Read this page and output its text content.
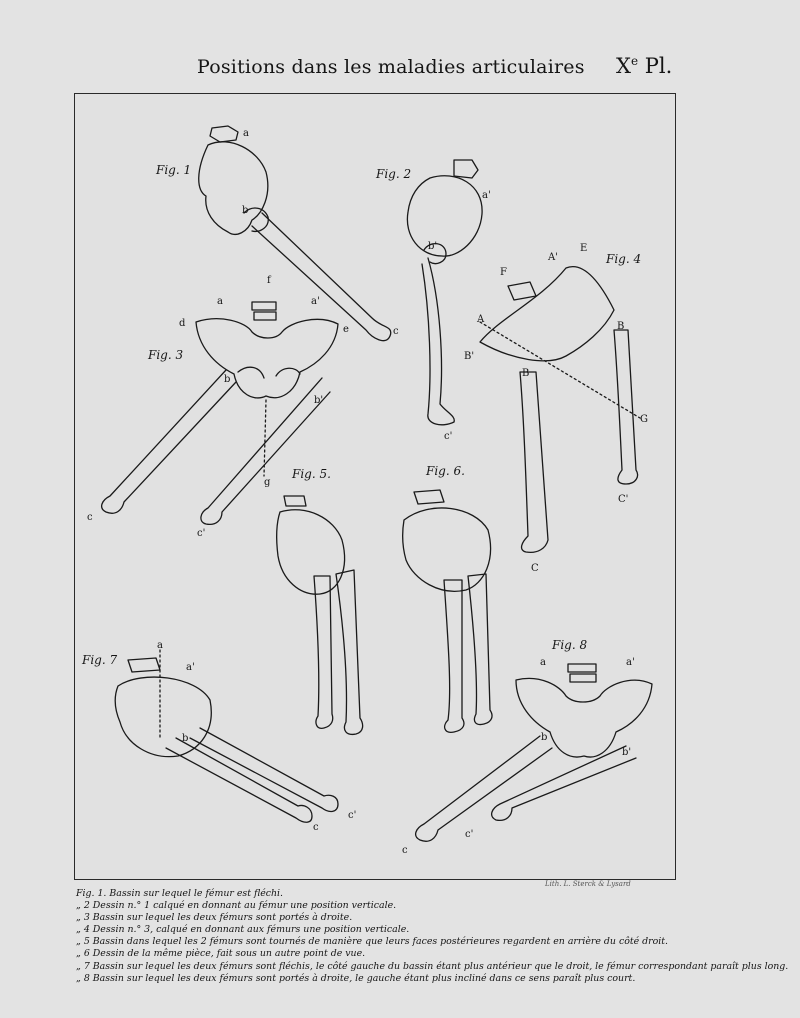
Positions dans les maladies articulaires Xe Pl.
Fig. 1	Fig. 2
Fig. 3
Fig. 4
Fig. 5.	Fig. 6.
Fig. 7
Fig. 8
a
b
c
a'
b'
c'
f
a	a'
d
e
b
b'
g
c
c'
A'
E
F
A
B'
B
B
G
C'
C
a
a'
b
c
c'
a	a'
b
b'
c
c'
Lith. L. Sterck & Lysard
Fig. 1. Bassin sur lequel le fémur est fléchi.
„ 2 Dessin n.° 1 calqué en donnant au fémur une position verticale.
„ 3 Bassin sur lequel les deux fémurs sont portés à droite.
„ 4 Dessin n.° 3, calqué en donnant aux fémurs une position verticale.
„ 5 Bassin dans lequel les 2 fémurs sont tournés de manière que leurs faces postérieures regardent en arrière du côté droit.
„ 6 Dessin de la même pièce, fait sous un autre point de vue.
„ 7 Bassin sur lequel les deux fémurs sont fléchis, le côté gauche du bassin étant plus antérieur que le droit, le fémur correspondant paraît plus long.
„ 8 Bassin sur lequel les deux fémurs sont portés à droite, le gauche étant plus incliné dans ce sens paraît plus court.
